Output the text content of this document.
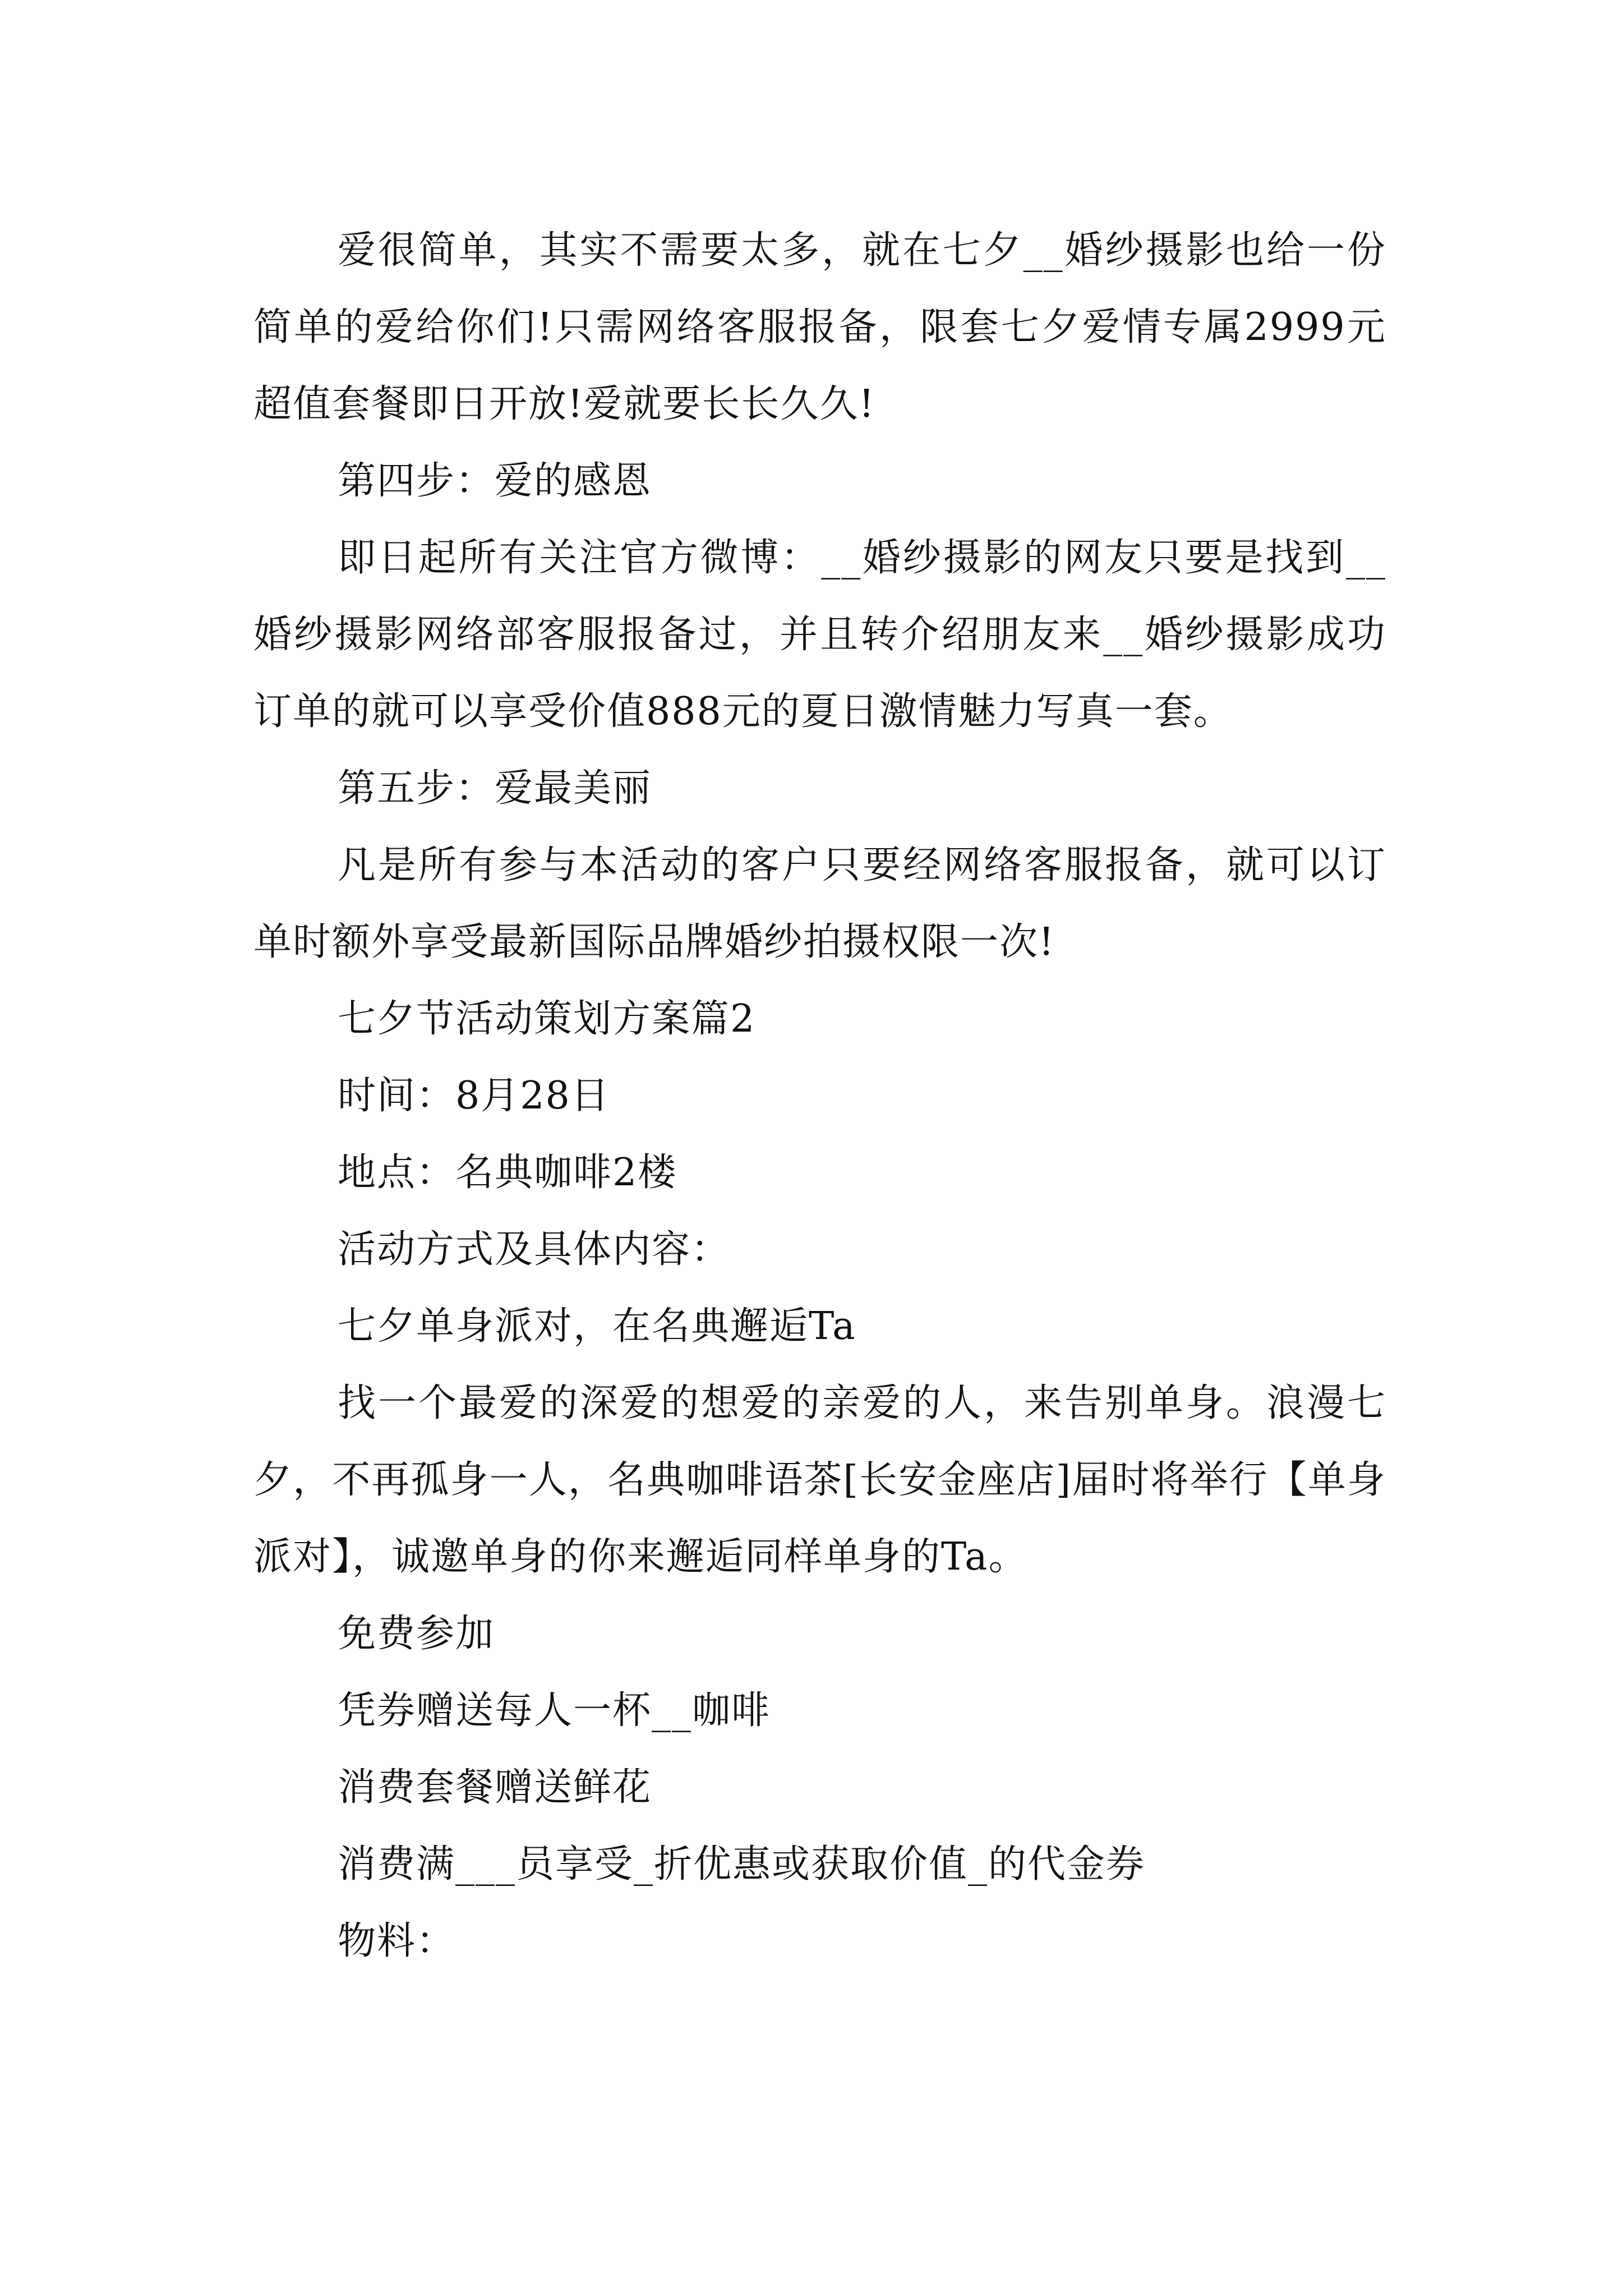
爱很简单，其实不需要太多，就在七夕__婚纱摄影也给一份简单的爱给你们!只需网络客服报备，限套七夕爱情专属2999元超值套餐即日开放!爱就要长长久久!

第四步：爱的感恩

即日起所有关注官方微博：__婚纱摄影的网友只要是找到__婚纱摄影网络部客服报备过，并且转介绍朋友来__婚纱摄影成功订单的就可以享受价值888元的夏日激情魅力写真一套。

第五步：爱最美丽

凡是所有参与本活动的客户只要经网络客服报备，就可以订单时额外享受最新国际品牌婚纱拍摄权限一次!

七夕节活动策划方案篇2

时间：8月28日

地点：名典咖啡2楼

活动方式及具体内容：

七夕单身派对，在名典邂逅Ta

找一个最爱的深爱的想爱的亲爱的人，来告别单身。浪漫七夕，不再孤身一人，名典咖啡语茶[长安金座店]届时将举行【单身派对】，诚邀单身的你来邂逅同样单身的Ta。

免费参加

凭券赠送每人一杯__咖啡

消费套餐赠送鲜花

消费满___员享受_折优惠或获取价值_的代金券

物料：
